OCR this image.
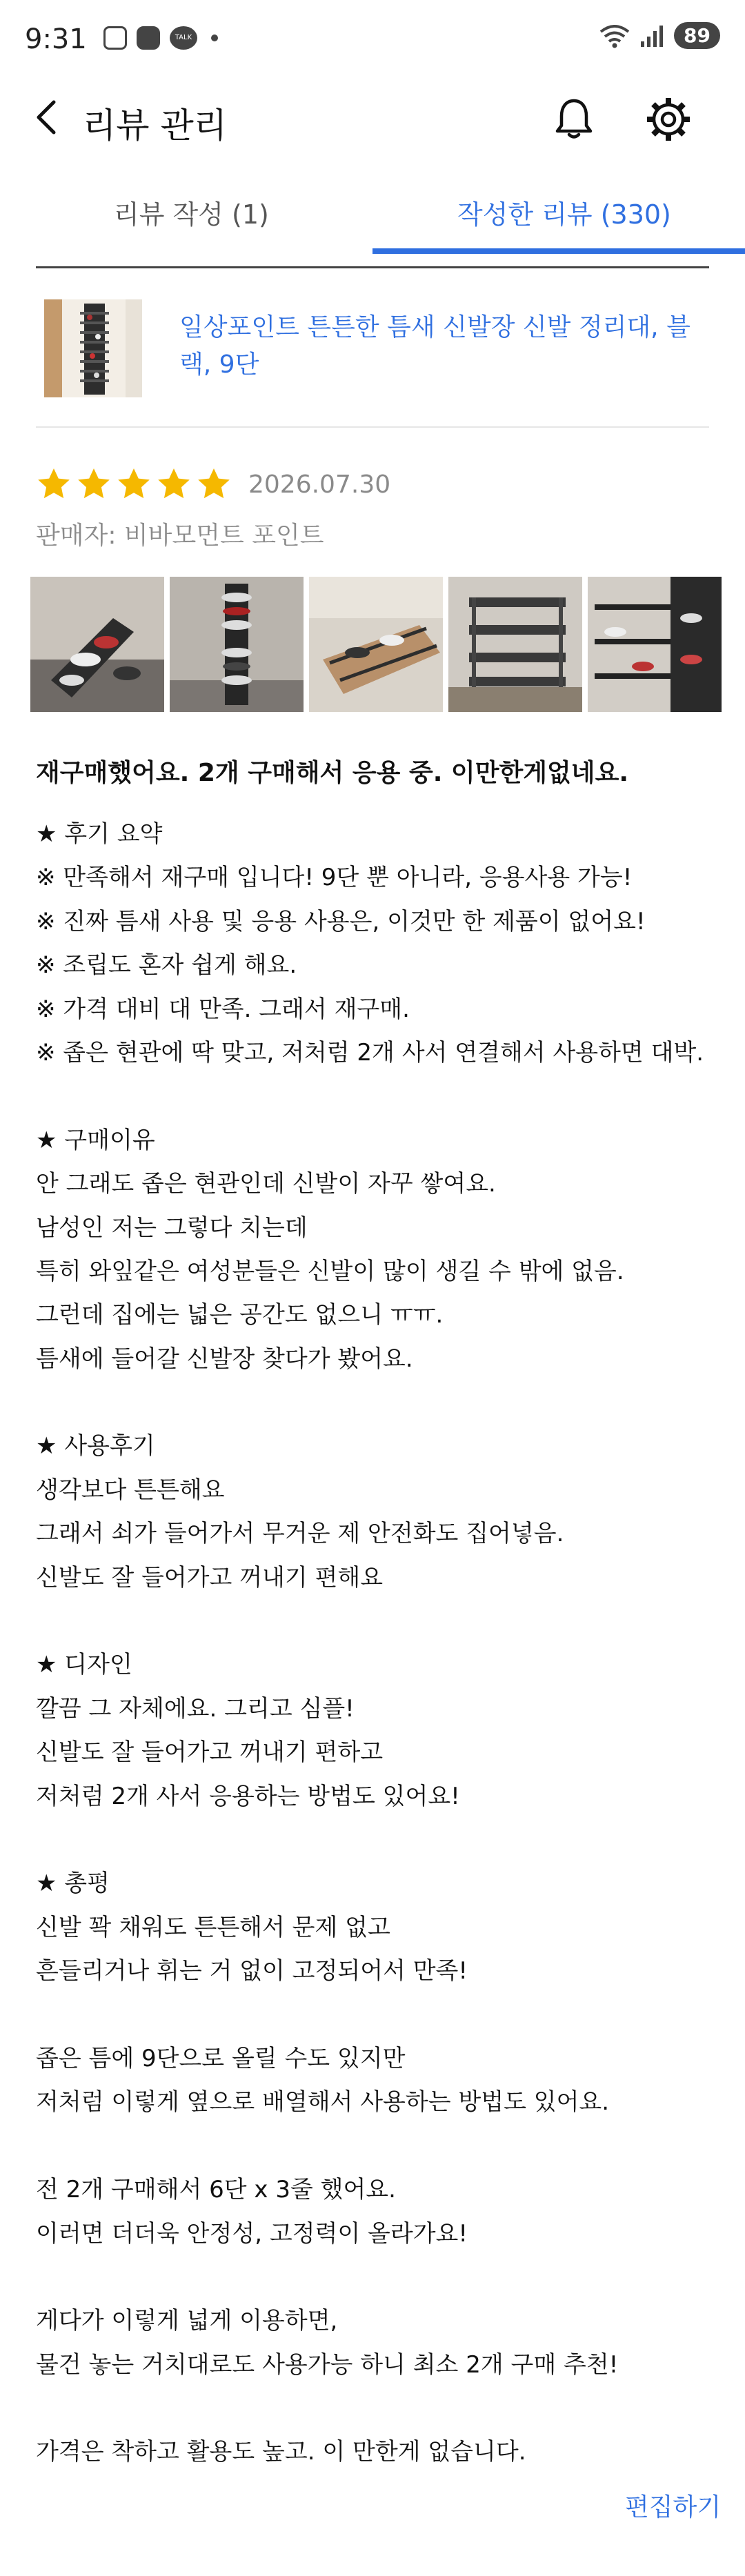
9:31	TALK	89
리뷰 관리
리뷰 작성 (1)	작성한 리뷰 (330)
일상포인트 튼튼한 틈새 신발장 신발 정리대, 블랙, 9단
2026.07.30
판매자: 비바모먼트 포인트
재구매했어요. 2개 구매해서 응용 중. 이만한게없네요.
★ 후기 요약
※ 만족해서 재구매 입니다! 9단 뿐 아니라, 응용사용 가능!
※ 진짜 틈새 사용 및 응용 사용은, 이것만 한 제품이 없어요!
※ 조립도 혼자 쉽게 해요.
※ 가격 대비 대 만족. 그래서 재구매.
※ 좁은 현관에 딱 맞고, 저처럼 2개 사서 연결해서 사용하면 대박.

★ 구매이유
안 그래도 좁은 현관인데 신발이 자꾸 쌓여요.
남성인 저는 그렇다 치는데
특히 와잎같은 여성분들은 신발이 많이 생길 수 밖에 없음.
그런데 집에는 넓은 공간도 없으니 ㅠㅠ.
틈새에 들어갈 신발장 찾다가 봤어요.

★ 사용후기
생각보다 튼튼해요
그래서 쇠가 들어가서 무거운 제 안전화도 집어넣음.
신발도 잘 들어가고 꺼내기 편해요

★ 디자인
깔끔 그 자체에요. 그리고 심플!
신발도 잘 들어가고 꺼내기 편하고
저처럼 2개 사서 응용하는 방법도 있어요!

★ 총평
신발 꽉 채워도 튼튼해서 문제 없고
흔들리거나 휘는 거 없이 고정되어서 만족!

좁은 틈에 9단으로 올릴 수도 있지만
저처럼 이렇게 옆으로 배열해서 사용하는 방법도 있어요.

전 2개 구매해서 6단 x 3줄 했어요.
이러면 더더욱 안정성, 고정력이 올라가요!

게다가 이렇게 넓게 이용하면,
물건 놓는 거치대로도 사용가능 하니 최소 2개 구매 추천!

가격은 착하고 활용도 높고. 이 만한게 없습니다.
편집하기
